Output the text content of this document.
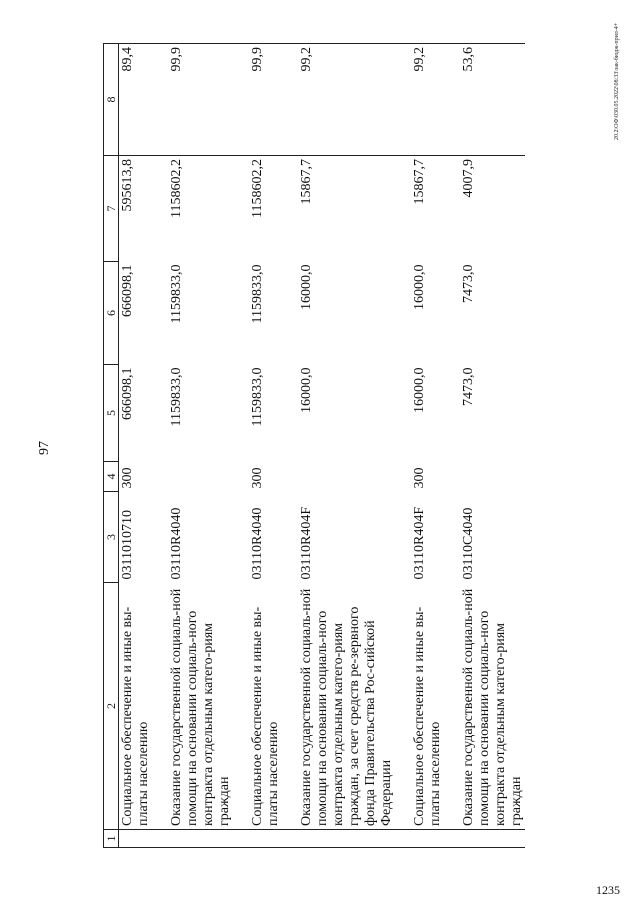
97
20.2\ОФ\030.05.2022\08:33\зак-бюдж-прил-4+
1235
1	2	3	4	5	6	7	8
	Социальное обеспечение и иные вы-платы населению	0311010710	300	666098,1	666098,1	595613,8	89,4
	Оказание государственной социаль-ной помощи на основании социаль-ного контракта отдельным катего-риям граждан	03110R4040		1159833,0	1159833,0	1158602,2	99,9
	Социальное обеспечение и иные вы-платы населению	03110R4040	300	1159833,0	1159833,0	1158602,2	99,9
	Оказание государственной социаль-ной помощи на основании социаль-ного контракта отдельным катего-риям граждан, за счет средств ре-зервного фонда Правительства Рос-сийской Федерации	03110R404F		16000,0	16000,0	15867,7	99,2
	Социальное обеспечение и иные вы-платы населению	03110R404F	300	16000,0	16000,0	15867,7	99,2
	Оказание государственной социаль-ной помощи на основании социаль-ного контракта отдельным катего-риям граждан	03110C4040		7473,0	7473,0	4007,9	53,6
